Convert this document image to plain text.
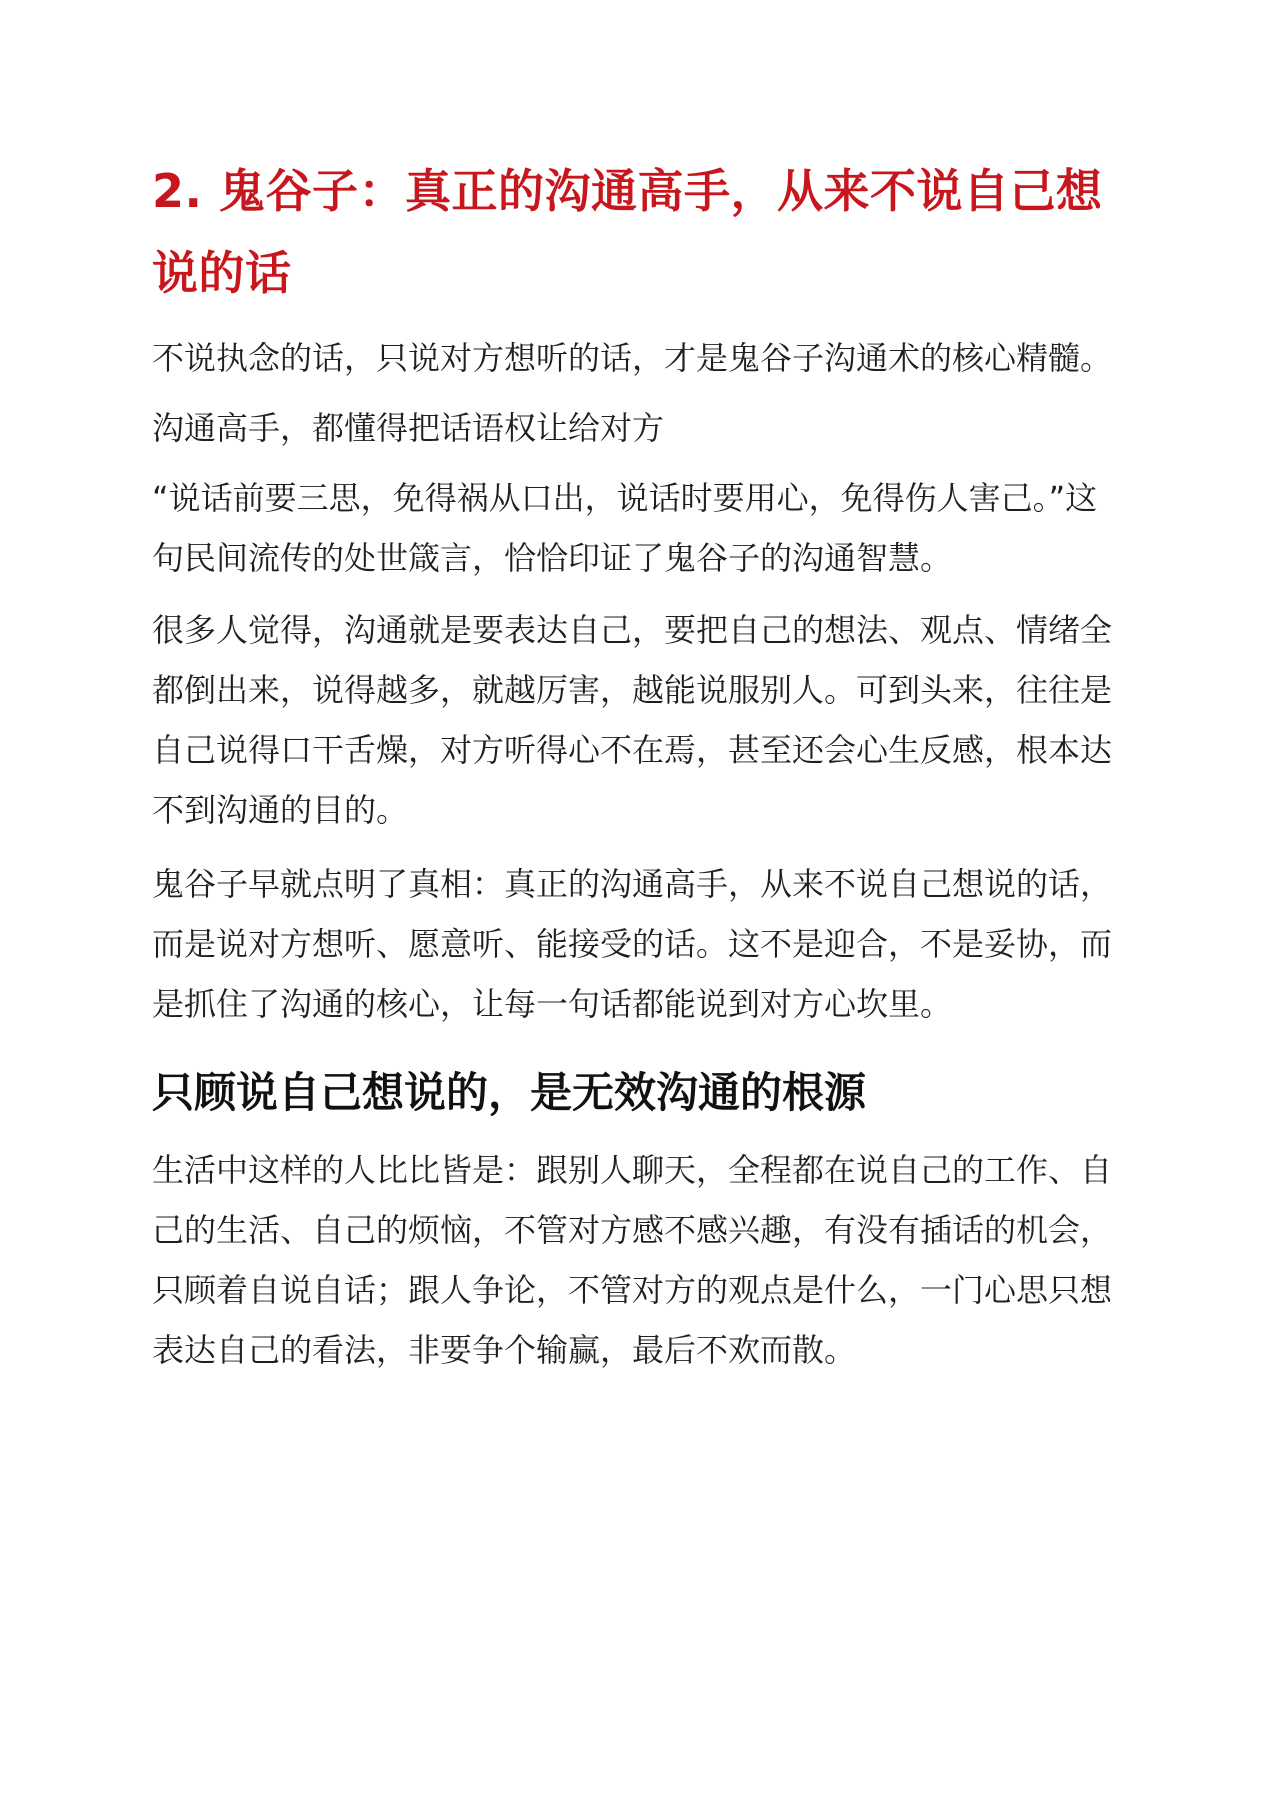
2. 鬼谷子：真正的沟通高手，从来不说自己想说的话

不说执念的话，只说对方想听的话，才是鬼谷子沟通术的核心精髓。

沟通高手，都懂得把话语权让给对方

“说话前要三思，免得祸从口出，说话时要用心，免得伤人害己。”这句民间流传的处世箴言，恰恰印证了鬼谷子的沟通智慧。

很多人觉得，沟通就是要表达自己，要把自己的想法、观点、情绪全都倒出来，说得越多，就越厉害，越能说服别人。可到头来，往往是自己说得口干舌燥，对方听得心不在焉，甚至还会心生反感，根本达不到沟通的目的。

鬼谷子早就点明了真相：真正的沟通高手，从来不说自己想说的话，而是说对方想听、愿意听、能接受的话。这不是迎合，不是妥协，而是抓住了沟通的核心，让每一句话都能说到对方心坎里。

只顾说自己想说的，是无效沟通的根源

生活中这样的人比比皆是：跟别人聊天，全程都在说自己的工作、自己的生活、自己的烦恼，不管对方感不感兴趣，有没有插话的机会，只顾着自说自话；跟人争论，不管对方的观点是什么，一门心思只想表达自己的看法，非要争个输赢，最后不欢而散。
